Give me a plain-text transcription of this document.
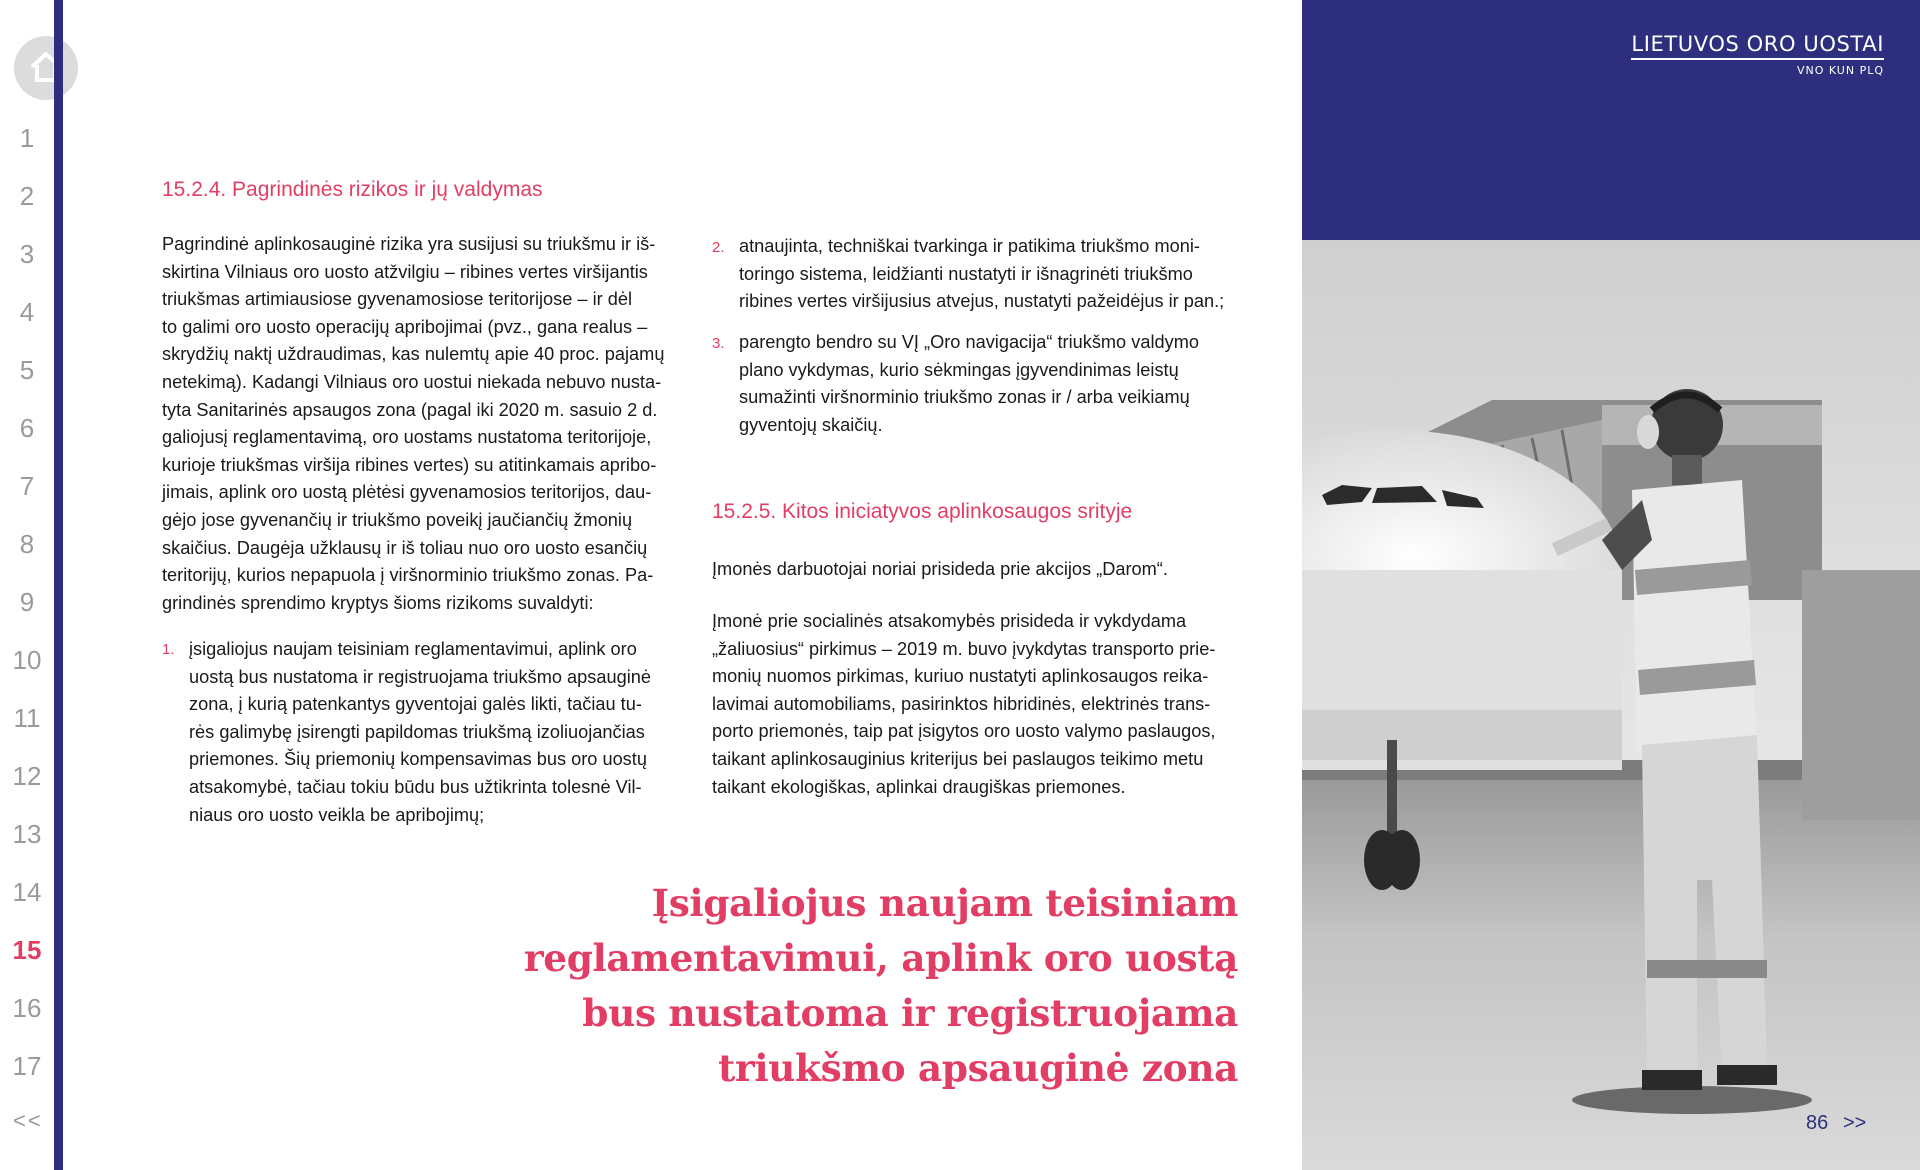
1
2
3
4
5
6
7
8
9
10
11
12
13
14
15
16
17
<<
15.2.4. Pagrindinės rizikos ir jų valdymas
Pagrindinė aplinkosauginė rizika yra susijusi su triukšmu ir iš-
skirtina Vilniaus oro uosto atžvilgiu – ribines vertes viršijantis
triukšmas artimiausiose gyvenamosiose teritorijose – ir dėl
to galimi oro uosto operacijų apribojimai (pvz., gana realus –
skrydžių naktį uždraudimas, kas nulemtų apie 40 proc. pajamų
netekimą). Kadangi Vilniaus oro uostui niekada nebuvo nusta-
tyta Sanitarinės apsaugos zona (pagal iki 2020 m. sasuio 2 d.
galiojusį reglamentavimą, oro uostams nustatoma teritorijoje,
kurioje triukšmas viršija ribines vertes) su atitinkamais apribo-
jimais, aplink oro uostą plėtėsi gyvenamosios teritorijos, dau-
gėjo jose gyvenančių ir triukšmo poveikį jaučiančių žmonių
skaičius. Daugėja užklausų ir iš toliau nuo oro uosto esančių
teritorijų, kurios nepapuola į viršnorminio triukšmo zonas. Pa-
grindinės sprendimo kryptys šioms rizikoms suvaldyti:
1. įsigaliojus naujam teisiniam reglamentavimui, aplink oro
uostą bus nustatoma ir registruojama triukšmo apsauginė
zona, į kurią patenkantys gyventojai galės likti, tačiau tu-
rės galimybę įsirengti papildomas triukšmą izoliuojančias
priemones. Šių priemonių kompensavimas bus oro uostų
atsakomybė, tačiau tokiu būdu bus užtikrinta tolesnė Vil-
niaus oro uosto veikla be apribojimų;
2. atnaujinta, techniškai tvarkinga ir patikima triukšmo moni-
toringo sistema, leidžianti nustatyti ir išnagrinėti triukšmo
ribines vertes viršijusius atvejus, nustatyti pažeidėjus ir pan.;
3. parengto bendro su VĮ „Oro navigacija“ triukšmo valdymo
plano vykdymas, kurio sėkmingas įgyvendinimas leistų
sumažinti viršnorminio triukšmo zonas ir / arba veikiamų
gyventojų skaičių.
15.2.5. Kitos iniciatyvos aplinkosaugos srityje
Įmonės darbuotojai noriai prisideda prie akcijos „Darom“.
Įmonė prie socialinės atsakomybės prisideda ir vykdydama
„žaliuosius“ pirkimus – 2019 m. buvo įvykdytas transporto prie-
monių nuomos pirkimas, kuriuo nustatyti aplinkosaugos reika-
lavimai automobiliams, pasirinktos hibridinės, elektrinės trans-
porto priemonės, taip pat įsigytos oro uosto valymo paslaugos,
taikant aplinkosauginius kriterijus bei paslaugos teikimo metu
taikant ekologiškas, aplinkai draugiškas priemones.
Įsigaliojus naujam teisiniam
reglamentavimui, aplink oro uostą
bus nustatoma ir registruojama
triukšmo apsauginė zona
LIETUVOS ORO UOSTAI
VNO KUN PLQ
86 >>
